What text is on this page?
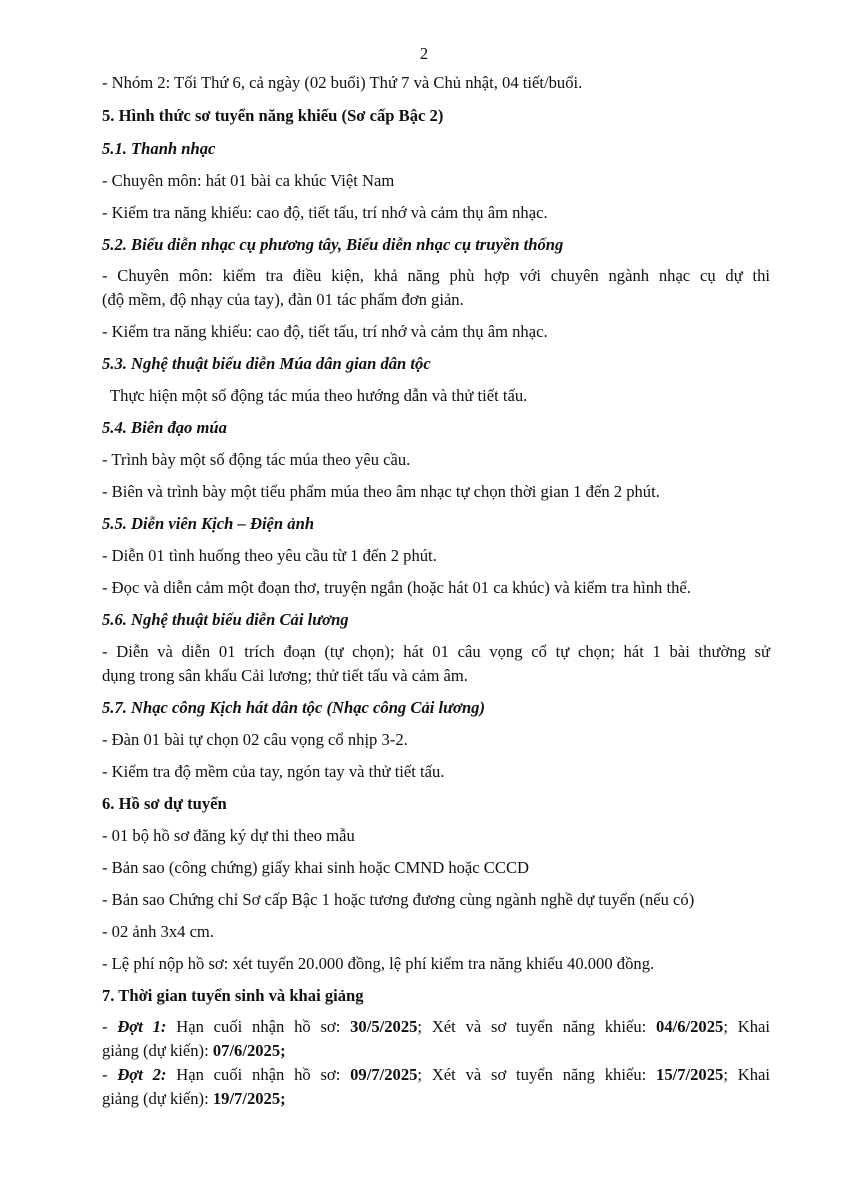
2
- Nhóm 2: Tối Thứ 6, cả ngày (02 buổi) Thứ 7 và Chủ nhật, 04 tiết/buổi.
5. Hình thức sơ tuyển năng khiếu (Sơ cấp Bậc 2)
5.1. Thanh nhạc
- Chuyên môn: hát 01 bài ca khúc Việt Nam
- Kiểm tra năng khiếu: cao độ, tiết tấu, trí nhớ và cảm thụ âm nhạc.
5.2. Biểu diễn nhạc cụ phương tây, Biểu diễn nhạc cụ truyền thống
- Chuyên môn: kiểm tra điều kiện, khả năng phù hợp với chuyên ngành nhạc cụ dự thi
(độ mềm, độ nhạy của tay), đàn 01 tác phẩm đơn giản.
- Kiểm tra năng khiếu: cao độ, tiết tấu, trí nhớ và cảm thụ âm nhạc.
5.3. Nghệ thuật biểu diễn Múa dân gian dân tộc
Thực hiện một số động tác múa theo hướng dẫn và thử tiết tấu.
5.4. Biên đạo múa
- Trình bày một số động tác múa theo yêu cầu.
- Biên và trình bày một tiểu phẩm múa theo âm nhạc tự chọn thời gian 1 đến 2 phút.
5.5. Diễn viên Kịch – Điện ảnh
- Diễn 01 tình huống theo yêu cầu từ 1 đến 2 phút.
- Đọc và diễn cảm một đoạn thơ, truyện ngắn (hoặc hát 01 ca khúc) và kiểm tra hình thể.
5.6. Nghệ thuật biểu diễn Cải lương
- Diễn và diễn 01 trích đoạn (tự chọn); hát 01 câu vọng cổ tự chọn; hát 1 bài thường sử
dụng trong sân khấu Cải lương; thử tiết tấu và cảm âm.
5.7. Nhạc công Kịch hát dân tộc (Nhạc công Cải lương)
- Đàn 01 bài tự chọn 02 câu vọng cổ nhịp 3-2.
- Kiểm tra độ mềm của tay, ngón tay và thử tiết tấu.
6. Hồ sơ dự tuyển
- 01 bộ hồ sơ đăng ký dự thi theo mẫu
- Bản sao (công chứng) giấy khai sinh hoặc CMND hoặc CCCD
- Bản sao Chứng chỉ Sơ cấp Bậc 1 hoặc tương đương cùng ngành nghề dự tuyển (nếu có)
- 02 ảnh 3x4 cm.
- Lệ phí nộp hồ sơ: xét tuyển 20.000 đồng, lệ phí kiểm tra năng khiếu 40.000 đồng.
7. Thời gian tuyển sinh và khai giảng
- Đợt 1: Hạn cuối nhận hồ sơ: 30/5/2025; Xét và sơ tuyển năng khiếu: 04/6/2025; Khai
giảng (dự kiến): 07/6/2025;
- Đợt 2: Hạn cuối nhận hồ sơ: 09/7/2025; Xét và sơ tuyển năng khiếu: 15/7/2025; Khai
giảng (dự kiến): 19/7/2025;
